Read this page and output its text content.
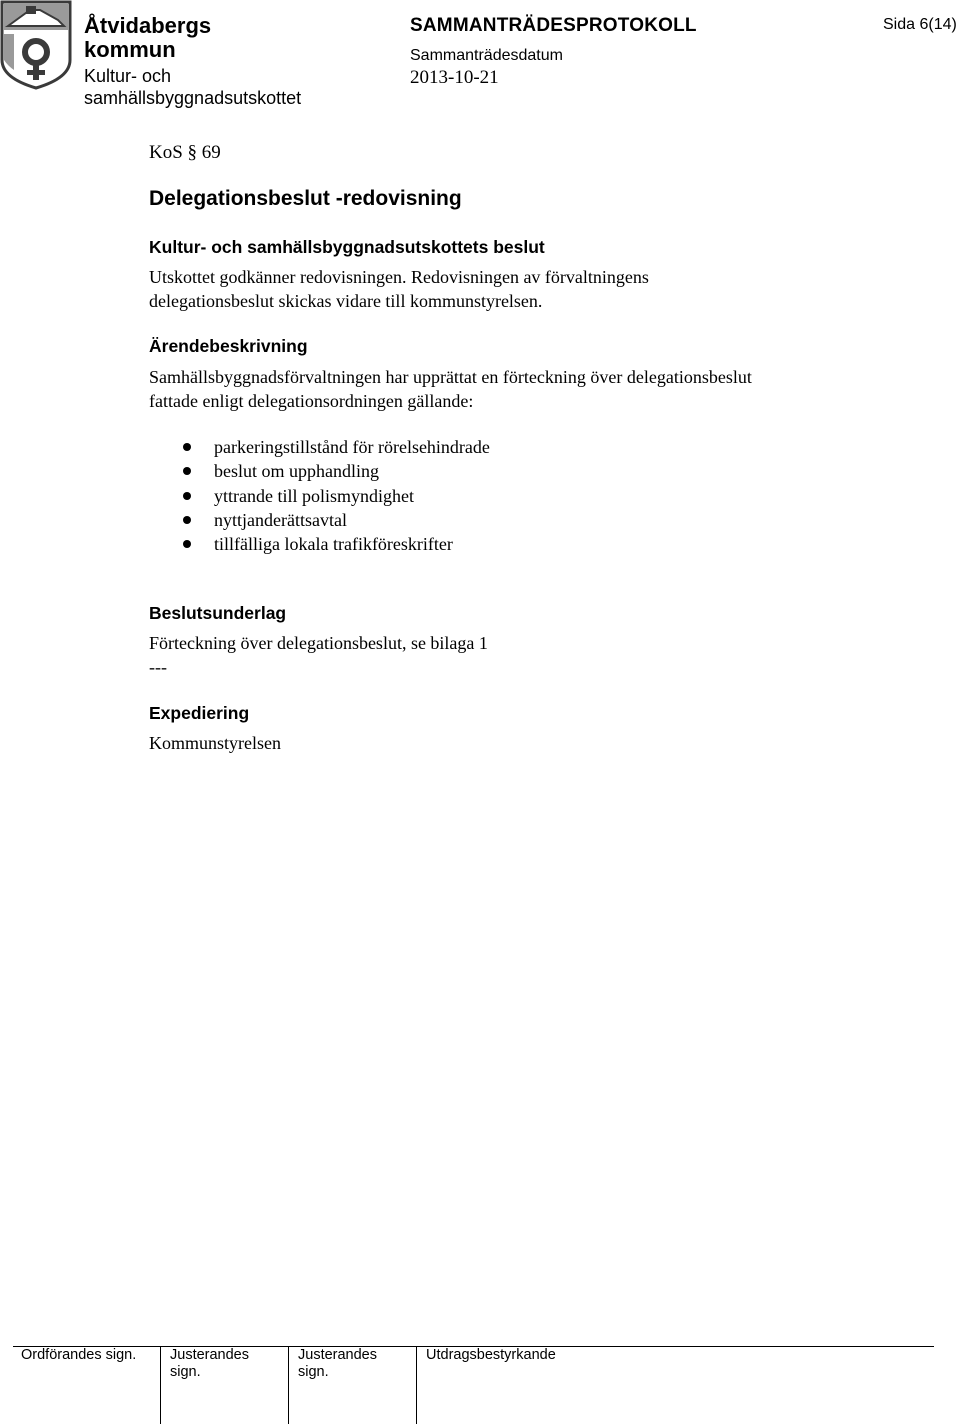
Åtvidabergs
kommun
Kultur- och
samhällsbyggnadsutskottet
SAMMANTRÄDESPROTOKOLL
Sammanträdesdatum
2013-10-21
Sida 6(14)
KoS § 69
Delegationsbeslut -redovisning
Kultur- och samhällsbyggnadsutskottets beslut
Utskottet godkänner redovisningen. Redovisningen av förvaltningens
delegationsbeslut skickas vidare till kommunstyrelsen.
Ärendebeskrivning
Samhällsbyggnadsförvaltningen har upprättat en förteckning över delegationsbeslut
fattade enligt delegationsordningen gällande:
parkeringstillstånd för rörelsehindrade
beslut om upphandling
yttrande till polismyndighet
nyttjanderättsavtal
tillfälliga lokala trafikföreskrifter
Beslutsunderlag
Förteckning över delegationsbeslut, se bilaga 1
---
Expediering
Kommunstyrelsen
Ordförandes sign. Justerandes
sign.
Justerandes
sign.
Utdragsbestyrkande
